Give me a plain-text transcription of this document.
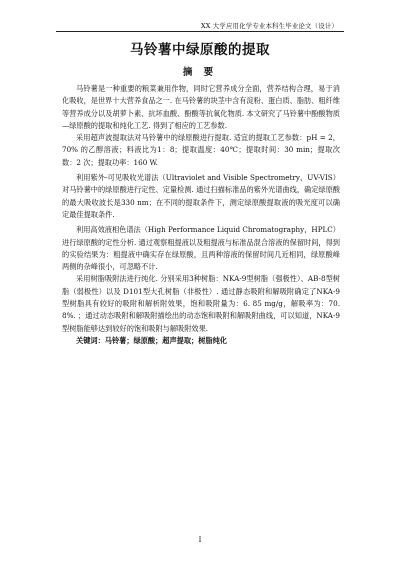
XX 大学应用化学专业本科生毕业论文（设计）
马铃薯中绿原酸的提取
摘 要

马铃薯是一种重要的粮菜兼用作物，同时它营养成分全面，营养结构合理，易于消化吸收，是世界十大营养食品之一. 在马铃薯的块茎中含有淀粉、蛋白质、脂肪、粗纤维等营养成分以及胡萝卜素、抗坏血酸、酚酸等抗氧化物质. 本文研究了马铃薯中酚酸物质—绿原酸的提取和纯化工艺. 得到了相应的工艺参数.

采用超声波提取法对马铃薯中的绿原酸进行提取. 适宜的提取工艺参数：pH = 2，70% 的乙醇溶液；料液比为1：8；提取温度：40℃；提取时间：30 min；提取次数：2 次；提取功率：160 W.

利用紫外-可见吸收光谱法（Ultraviolet and Visible Spectrometry，UV-VIS）对马铃薯中的绿原酸进行定性、定量检测. 通过扫描标准品的紫外光谱曲线，确定绿原酸的最大吸收波长是330 nm；在不同的提取条件下，测定绿原酸提取液的吸光度可以确定最佳提取条件.

利用高效液相色谱法（High Performance Liquid Chromatography，HPLC）进行绿原酸的定性分析. 通过观察粗提液以及粗提液与标准品混合溶液的保留时间，得到的实验结果为：粗提液中确实存在绿原酸，且两种溶液的保留时间几近相同，绿原酸峰两侧的杂峰很小，可忽略不计.

采用树脂吸附法进行纯化. 分别采用3种树脂：NKA-9型树脂（强极性）、AB-8型树脂（弱极性）以及 D101型大孔树脂（非极性）. 通过静态吸附和解吸附确定了NKA-9型树脂具有较好的吸附和解析附效果，饱和吸附量为：6. 85 mg/g，解吸率为：70. 8%. ；通过动态吸附和解吸附描绘出的动态饱和吸附和解吸附曲线，可以知道，NKA-9型树脂能够达到较好的饱和吸附与解吸附效果.

关键词：马铃薯；绿原酸；超声提取；树脂纯化

I
